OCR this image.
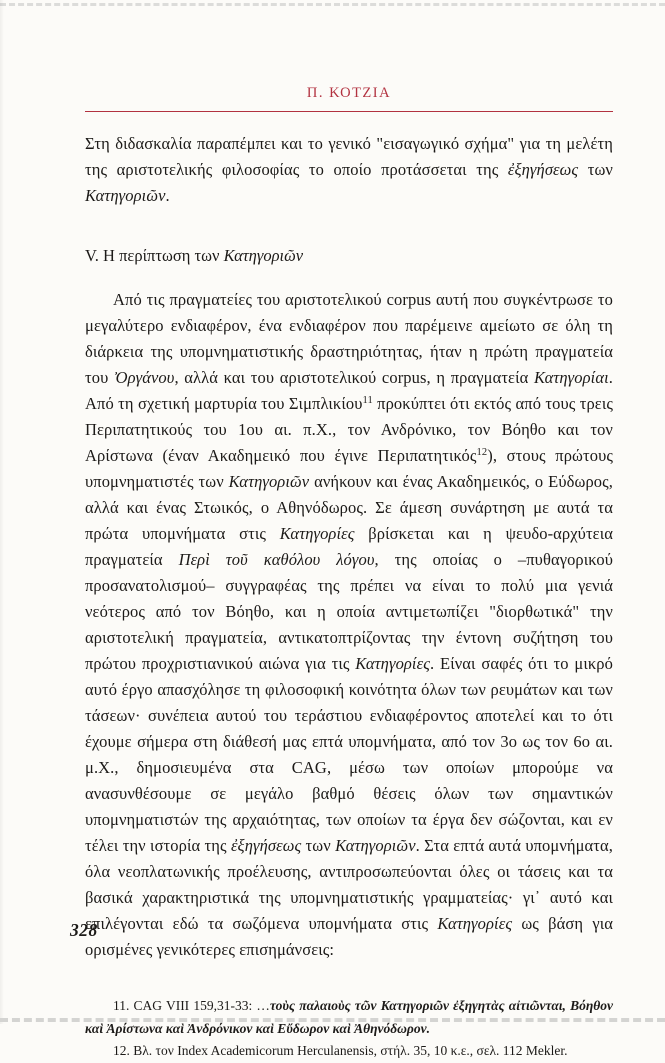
Π. ΚΟΤΖΙΑ

Στη διδασκαλία παραπέμπει και το γενικό "εισαγωγικό σχήμα" για τη μελέτη της αριστοτελικής φιλοσοφίας το οποίο προτάσσεται της ἐξηγήσεως των Κατηγοριῶν.

V. Η περίπτωση των Κατηγοριῶν

Από τις πραγματείες του αριστοτελικού corpus αυτή που συγκέντρωσε το μεγαλύτερο ενδιαφέρον, ένα ενδιαφέρον που παρέμεινε αμείωτο σε όλη τη διάρκεια της υπομνηματιστικής δραστηριότητας, ήταν η πρώτη πραγματεία του Ὀργάνου, αλλά και του αριστοτελικού corpus, η πραγματεία Κατηγορίαι. Από τη σχετική μαρτυρία του Σιμπλικίου$^{11}$ προκύπτει ότι εκτός από τους τρεις Περιπατητικούς του 1ου αι. π.Χ., τον Ανδρόνικο, τον Βόηθο και τον Αρίστωνα (έναν Ακαδημεικό που έγινε Περιπατητικός$^{12}$), στους πρώτους υπομνηματιστές των Κατηγοριῶν ανήκουν και ένας Ακαδημεικός, ο Εύδωρος, αλλά και ένας Στωικός, ο Αθηνόδωρος. Σε άμεση συνάρτηση με αυτά τα πρώτα υπομνήματα στις Κατηγορίες βρίσκεται και η ψευδο-αρχύτεια πραγματεία Περὶ τοῦ καθόλου λόγου, της οποίας ο –πυθαγορικού προσανατολισμού– συγγραφέας της πρέπει να είναι το πολύ μια γενιά νεότερος από τον Βόηθο, και η οποία αντιμετωπίζει "διορθωτικά" την αριστοτελική πραγματεία, αντικατοπτρίζοντας την έντονη συζήτηση του πρώτου προχριστιανικού αιώνα για τις Κατηγορίες. Είναι σαφές ότι το μικρό αυτό έργο απασχόλησε τη φιλοσοφική κοινότητα όλων των ρευμάτων και των τάσεων· συνέπεια αυτού του τεράστιου ενδιαφέροντος αποτελεί και το ότι έχουμε σήμερα στη διάθεσή μας επτά υπομνήματα, από τον 3ο ως τον 6ο αι. μ.Χ., δημοσιευμένα στα CAG, μέσω των οποίων μπορούμε να ανασυνθέσουμε σε μεγάλο βαθμό θέσεις όλων των σημαντικών υπομνηματιστών της αρχαιότητας, των οποίων τα έργα δεν σώζονται, και εν τέλει την ιστορία της ἐξηγήσεως των Κατηγοριῶν. Στα επτά αυτά υπομνήματα, όλα νεοπλατωνικής προέλευσης, αντιπροσωπεύονται όλες οι τάσεις και τα βασικά χαρακτηριστικά της υπομνηματιστικής γραμματείας· γι᾽ αυτό και επιλέγονται εδώ τα σωζόμενα υπομνήματα στις Κατηγορίες ως βάση για ορισμένες γενικότερες επισημάνσεις:

11. CAG VIII 159,31-33: …τοὺς παλαιοὺς τῶν Κατηγοριῶν ἐξηγητὰς αἰτιῶνται, Βόηθον καὶ Ἀρίστωνα καὶ Ἀνδρόνικον καὶ Εὔδωρον καὶ Ἀθηνόδωρον.

12. Βλ. τον Index Academicorum Herculanensis, στήλ. 35, 10 κ.ε., σελ. 112 Mekler.

328
